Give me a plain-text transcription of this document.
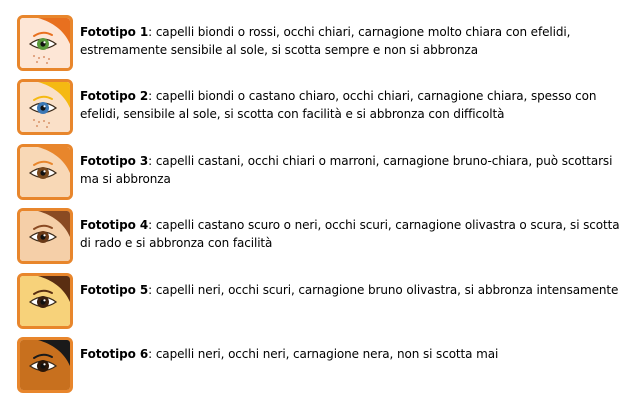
Fototipo 1: capelli biondi o rossi, occhi chiari, carnagione molto chiara con efelidi, estremamente sensibile al sole, si scotta sempre e non si abbronza
Fototipo 2: capelli biondi o castano chiaro, occhi chiari, carnagione chiara, spesso con efelidi, sensibile al sole, si scotta con facilità e si abbronza con difficoltà
Fototipo 3: capelli castani, occhi chiari o marroni, carnagione bruno-chiara, può scottarsi ma si abbronza
Fototipo 4: capelli castano scuro o neri, occhi scuri, carnagione olivastra o scura, si scotta di rado e si abbronza con facilità
Fototipo 5: capelli neri, occhi scuri, carnagione bruno olivastra, si abbronza intensamente
Fototipo 6: capelli neri, occhi neri, carnagione nera, non si scotta mai
